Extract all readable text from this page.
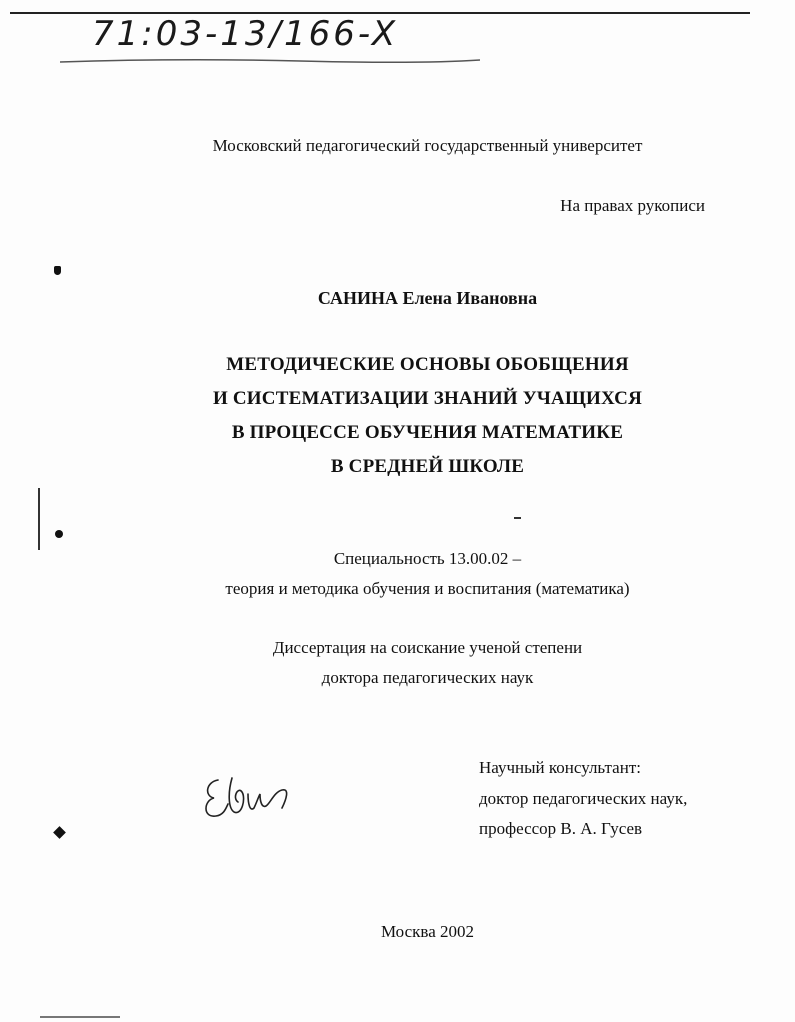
71:03-13/166-X
Московский педагогический государственный университет
На правах рукописи
САНИНА Елена Ивановна
МЕТОДИЧЕСКИЕ ОСНОВЫ ОБОБЩЕНИЯ
И СИСТЕМАТИЗАЦИИ ЗНАНИЙ УЧАЩИХСЯ
В ПРОЦЕССЕ ОБУЧЕНИЯ МАТЕМАТИКЕ
В СРЕДНЕЙ ШКОЛЕ
Специальность 13.00.02 –
теория и методика обучения и воспитания (математика)
Диссертация на соискание ученой степени
доктора педагогических наук
Научный консультант:
доктор педагогических наук,
профессор В. А. Гусев
Москва 2002
